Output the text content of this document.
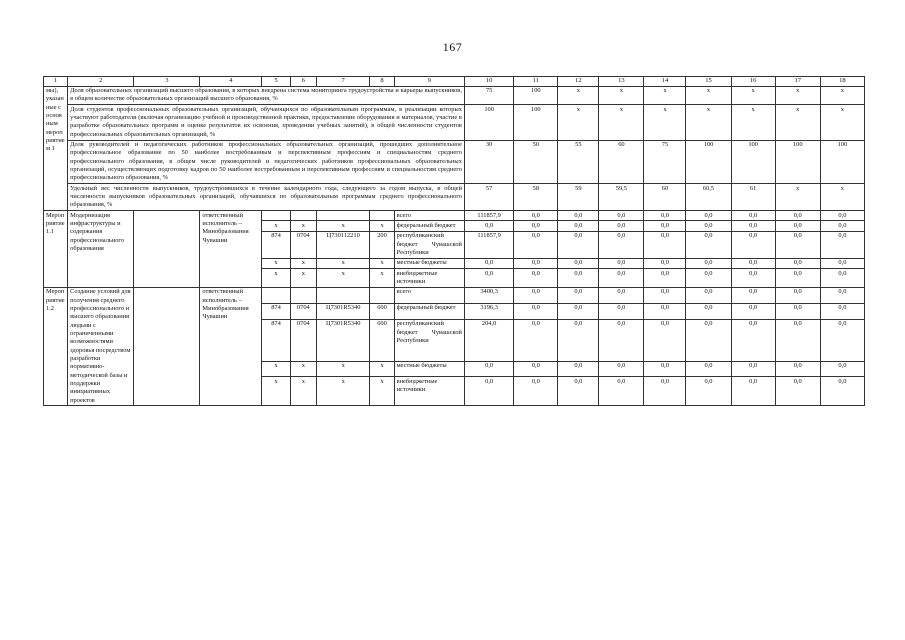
167
1	2	3	4	5	6	7	8	9	10	11	12	13	14	15	16	17	18
мы), указанные с основным мероприятием 1	Доля образовательных организаций высшего образования, в которых внедрена система мониторинга трудоустройства и карьеры выпускников, в общем количестве образовательных организаций высшего образования, %								75	100	x	x	x	x	x	x	x
	Доля студентов профессиональных образовательных организаций, обучающихся по образовательным программам, в реализации которых участвуют работодатели (включая организацию учебной и производственной практики, предоставление оборудования и материалов, участие в разработке образовательных программ и оценке результатов их освоения, проведении учебных занятий), в общей численности студентов профессиональных образовательных организаций, %								100	100	x	x	x	x	x	x	x
	Доля руководителей и педагогических работников профессиональных образовательных организаций, прошедших дополнительное профессиональное образование по 50 наиболее востребованным и перспективным профессиям и специальностям среднего профессионального образования, в общем числе руководителей и педагогических работников профессиональных образовательных организаций, осуществляющих подготовку кадров по 50 наиболее востребованным и перспективным профессиям и специальностям среднего профессионального образования, %								30	50	55	60	75	100	100	100	100
	Удельный вес численности выпускников, трудоустроившихся в течение календарного года, следующего за годом выпуска, в общей численности выпускников образовательных организаций, обучавшихся по образовательным программам среднего профессионального образования, %								57	58	59	59,5	60	60,5	61	x	x
Мероприятие 1.1	Модернизация инфраструктуры и содержания профессионального образования		ответственный исполнитель – Минобразования Чувашии					всего	111857,9	0,0	0,0	0,0	0,0	0,0	0,0	0,0	0,0
				x	x	x	x	федеральный бюджет	0,0	0,0	0,0	0,0	0,0	0,0	0,0	0,0	0,0
				874	0704	Ц730112210	200	республиканский бюджет Чувашской Республики	111857,9	0,0	0,0	0,0	0,0	0,0	0,0	0,0	0,0
				x	x	x	x	местные бюджеты	0,0	0,0	0,0	0,0	0,0	0,0	0,0	0,0	0,0
				x	x	x	x	внебюджетные источники	0,0	0,0	0,0	0,0	0,0	0,0	0,0	0,0	0,0
Мероприятие 1.2	Создание условий для получения среднего профессионального и высшего образования людьми с ограниченными возможностями здоровья посредством разработки нормативно-методической базы и поддержки инициативных проектов		ответственный исполнитель – Минобразования Чувашии					всего	3400,3	0,0	0,0	0,0	0,0	0,0	0,0	0,0	0,0
				874	0704	Ц7301R5340	600	федеральный бюджет	3196,3	0,0	0,0	0,0	0,0	0,0	0,0	0,0	0,0
				874	0704	Ц7301R5340	600	республиканский бюджет Чувашской Республики	204,0	0,0	0,0	0,0	0,0	0,0	0,0	0,0	0,0
				x	x	x	x	местные бюджеты	0,0	0,0	0,0	0,0	0,0	0,0	0,0	0,0	0,0
				x	x	x	x	внебюджетные источники	0,0	0,0	0,0	0,0	0,0	0,0	0,0	0,0	0,0
